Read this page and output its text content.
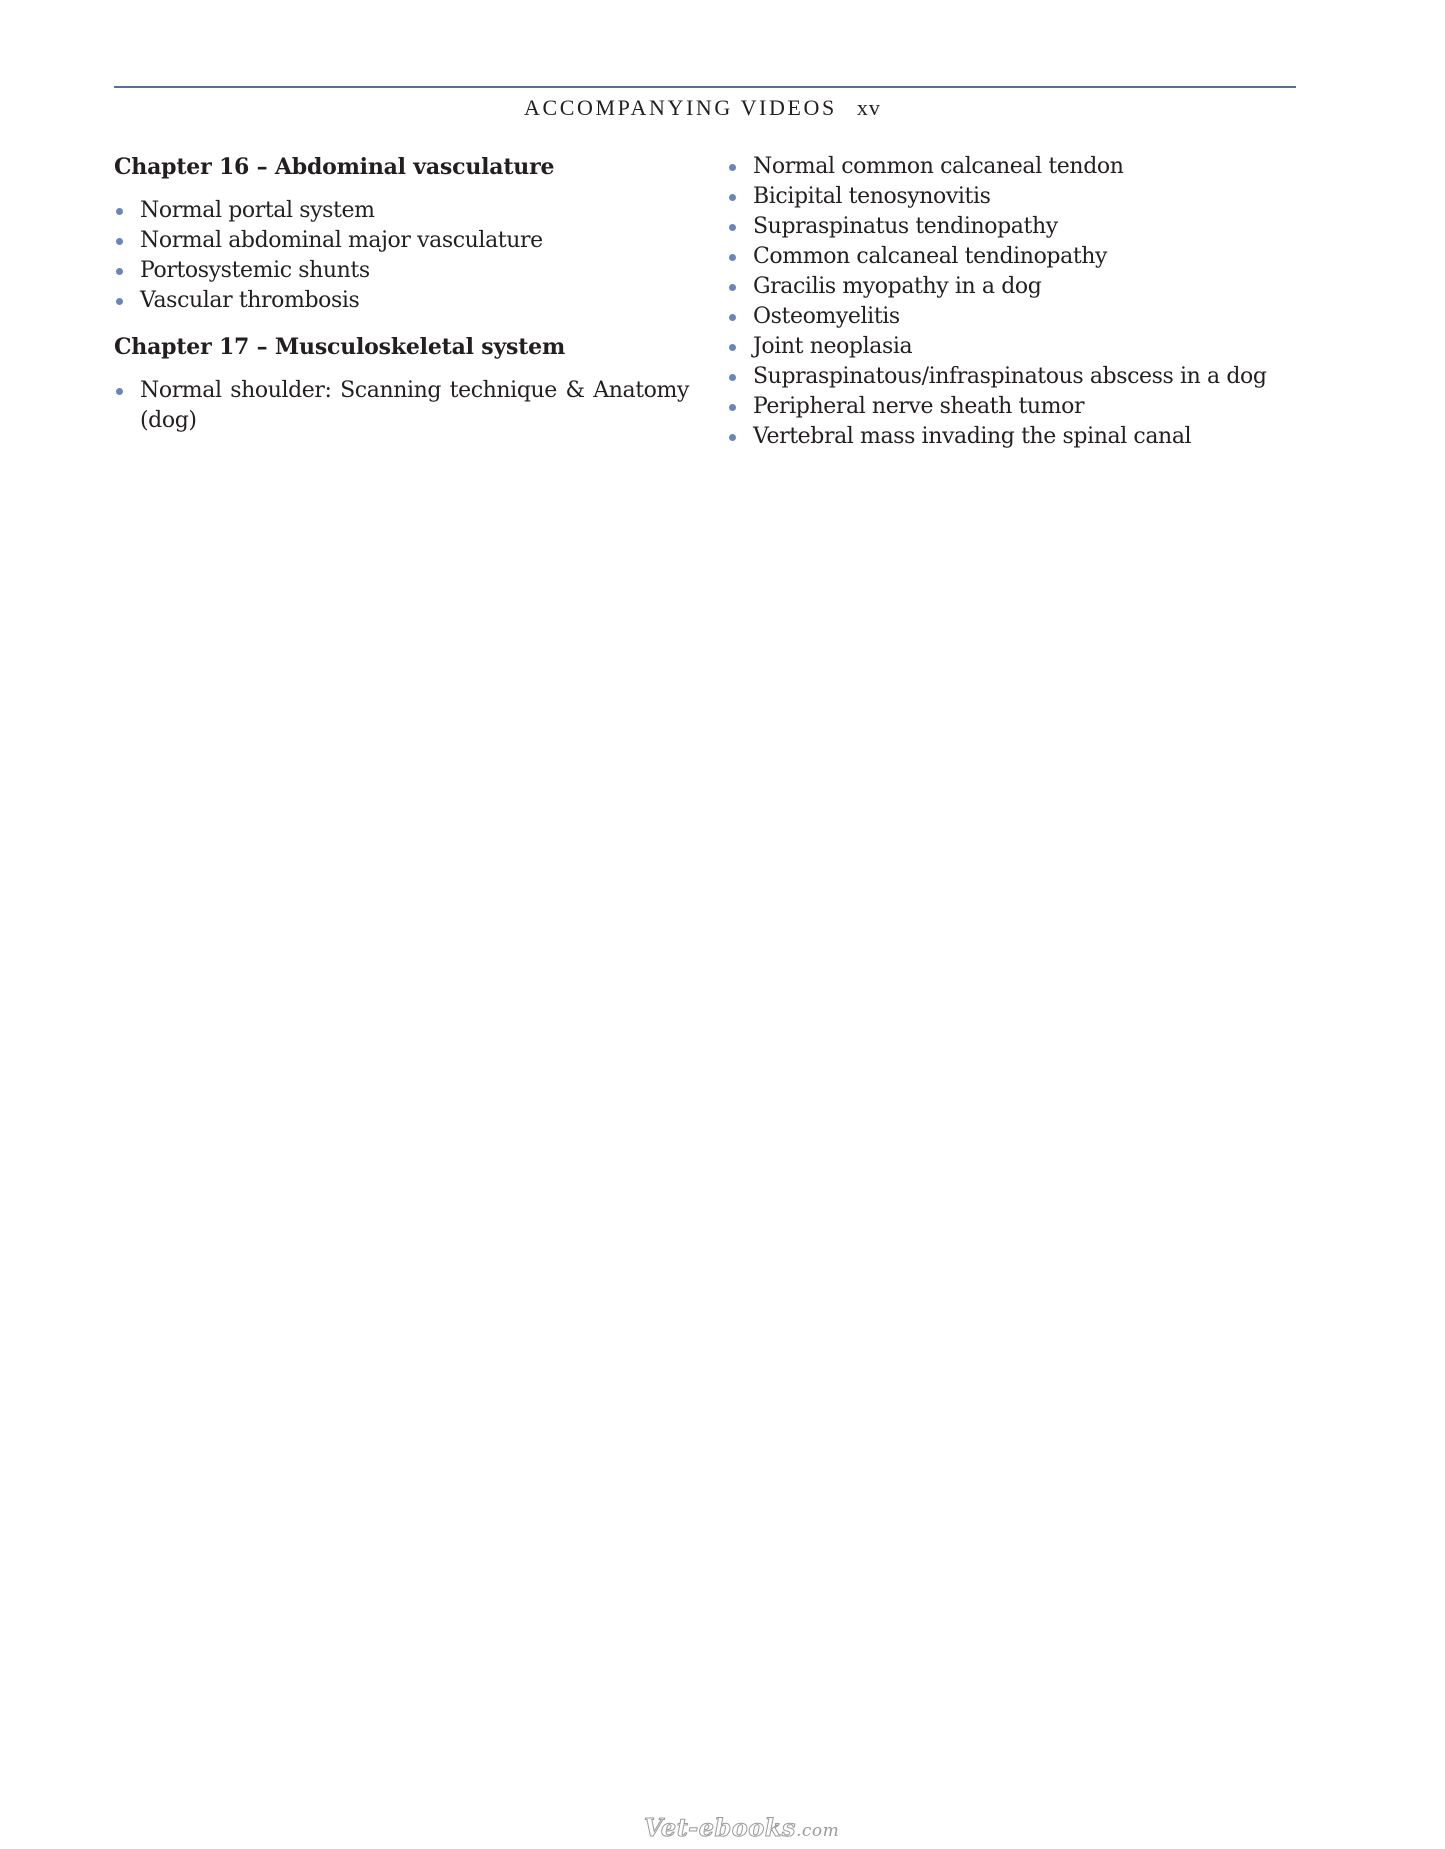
ACCOMPANYING VIDEOS xv
Chapter 16 – Abdominal vasculature
Normal portal system
Normal abdominal major vasculature
Portosystemic shunts
Vascular thrombosis
Chapter 17 – Musculoskeletal system
Normal shoulder: Scanning technique & Anatomy (dog)
Normal common calcaneal tendon
Bicipital tenosynovitis
Supraspinatus tendinopathy
Common calcaneal tendinopathy
Gracilis myopathy in a dog
Osteomyelitis
Joint neoplasia
Supraspinatous/infraspinatous abscess in a dog
Peripheral nerve sheath tumor
Vertebral mass invading the spinal canal
Vet-ebooks.com
